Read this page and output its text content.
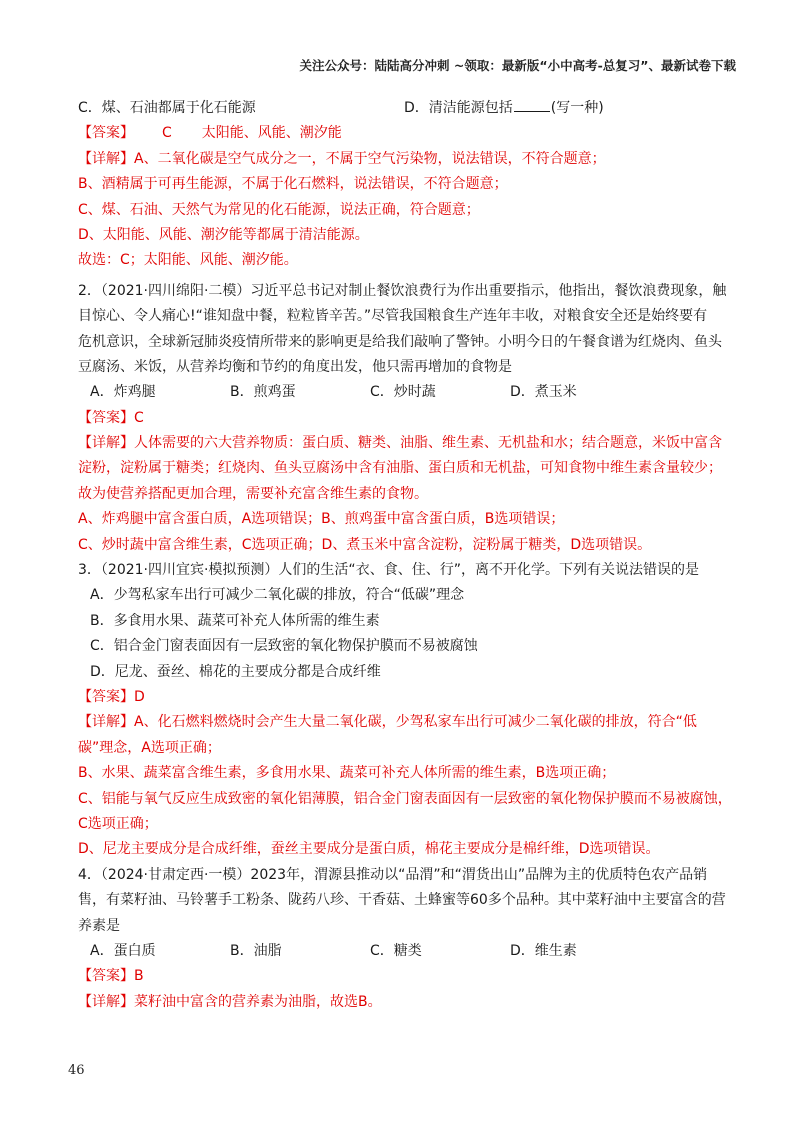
关注公众号：陆陆高分冲刺 ~领取：最新版“小中高考-总复习”、最新试卷下载
C．煤、石油都属于化石能源	D．清洁能源包括	(写一种)
【答案】 C 太阳能、风能、潮汐能
【详解】A、二氧化碳是空气成分之一，不属于空气污染物，说法错误，不符合题意；
B、酒精属于可再生能源，不属于化石燃料，说法错误，不符合题意；
C、煤、石油、天然气为常见的化石能源，说法正确，符合题意；
D、太阳能、风能、潮汐能等都属于清洁能源。
故选：C；太阳能、风能、潮汐能。
2．（2021·四川绵阳·二模）习近平总书记对制止餐饮浪费行为作出重要指示，他指出，餐饮浪费现象，触
目惊心、令人痛心!“谁知盘中餐，粒粒皆辛苦。”尽管我国粮食生产连年丰收，对粮食安全还是始终要有
危机意识，全球新冠肺炎疫情所带来的影响更是给我们敲响了警钟。小明今日的午餐食谱为红烧肉、鱼头
豆腐汤、米饭，从营养均衡和节约的角度出发，他只需再增加的食物是
A．炸鸡腿	B．煎鸡蛋	C．炒时蔬	D．煮玉米
【答案】C
【详解】人体需要的六大营养物质：蛋白质、糖类、油脂、维生素、无机盐和水；结合题意，米饭中富含
淀粉，淀粉属于糖类；红烧肉、鱼头豆腐汤中含有油脂、蛋白质和无机盐，可知食物中维生素含量较少；
故为使营养搭配更加合理，需要补充富含维生素的食物。
A、炸鸡腿中富含蛋白质，A选项错误；B、煎鸡蛋中富含蛋白质，B选项错误；
C、炒时蔬中富含维生素，C选项正确；D、煮玉米中富含淀粉，淀粉属于糖类，D选项错误。
3．（2021·四川宜宾·模拟预测）人们的生活“衣、食、住、行”，离不开化学。下列有关说法错误的是
A．少驾私家车出行可减少二氧化碳的排放，符合“低碳”理念
B．多食用水果、蔬菜可补充人体所需的维生素
C．铝合金门窗表面因有一层致密的氧化物保护膜而不易被腐蚀
D．尼龙、蚕丝、棉花的主要成分都是合成纤维
【答案】D
【详解】A、化石燃料燃烧时会产生大量二氧化碳，少驾私家车出行可减少二氧化碳的排放，符合“低
碳”理念，A选项正确；
B、水果、蔬菜富含维生素，多食用水果、蔬菜可补充人体所需的维生素，B选项正确；
C、铝能与氧气反应生成致密的氧化铝薄膜，铝合金门窗表面因有一层致密的氧化物保护膜而不易被腐蚀，
C选项正确；
D、尼龙主要成分是合成纤维，蚕丝主要成分是蛋白质，棉花主要成分是棉纤维，D选项错误。
4．（2024·甘肃定西·一模）2023年，渭源县推动以“品渭”和“渭货出山”品牌为主的优质特色农产品销
售，有菜籽油、马铃薯手工粉条、陇药八珍、干香菇、土蜂蜜等60多个品种。其中菜籽油中主要富含的营
养素是
A．蛋白质	B．油脂	C．糖类	D．维生素
【答案】B
【详解】菜籽油中富含的营养素为油脂，故选B。
46
